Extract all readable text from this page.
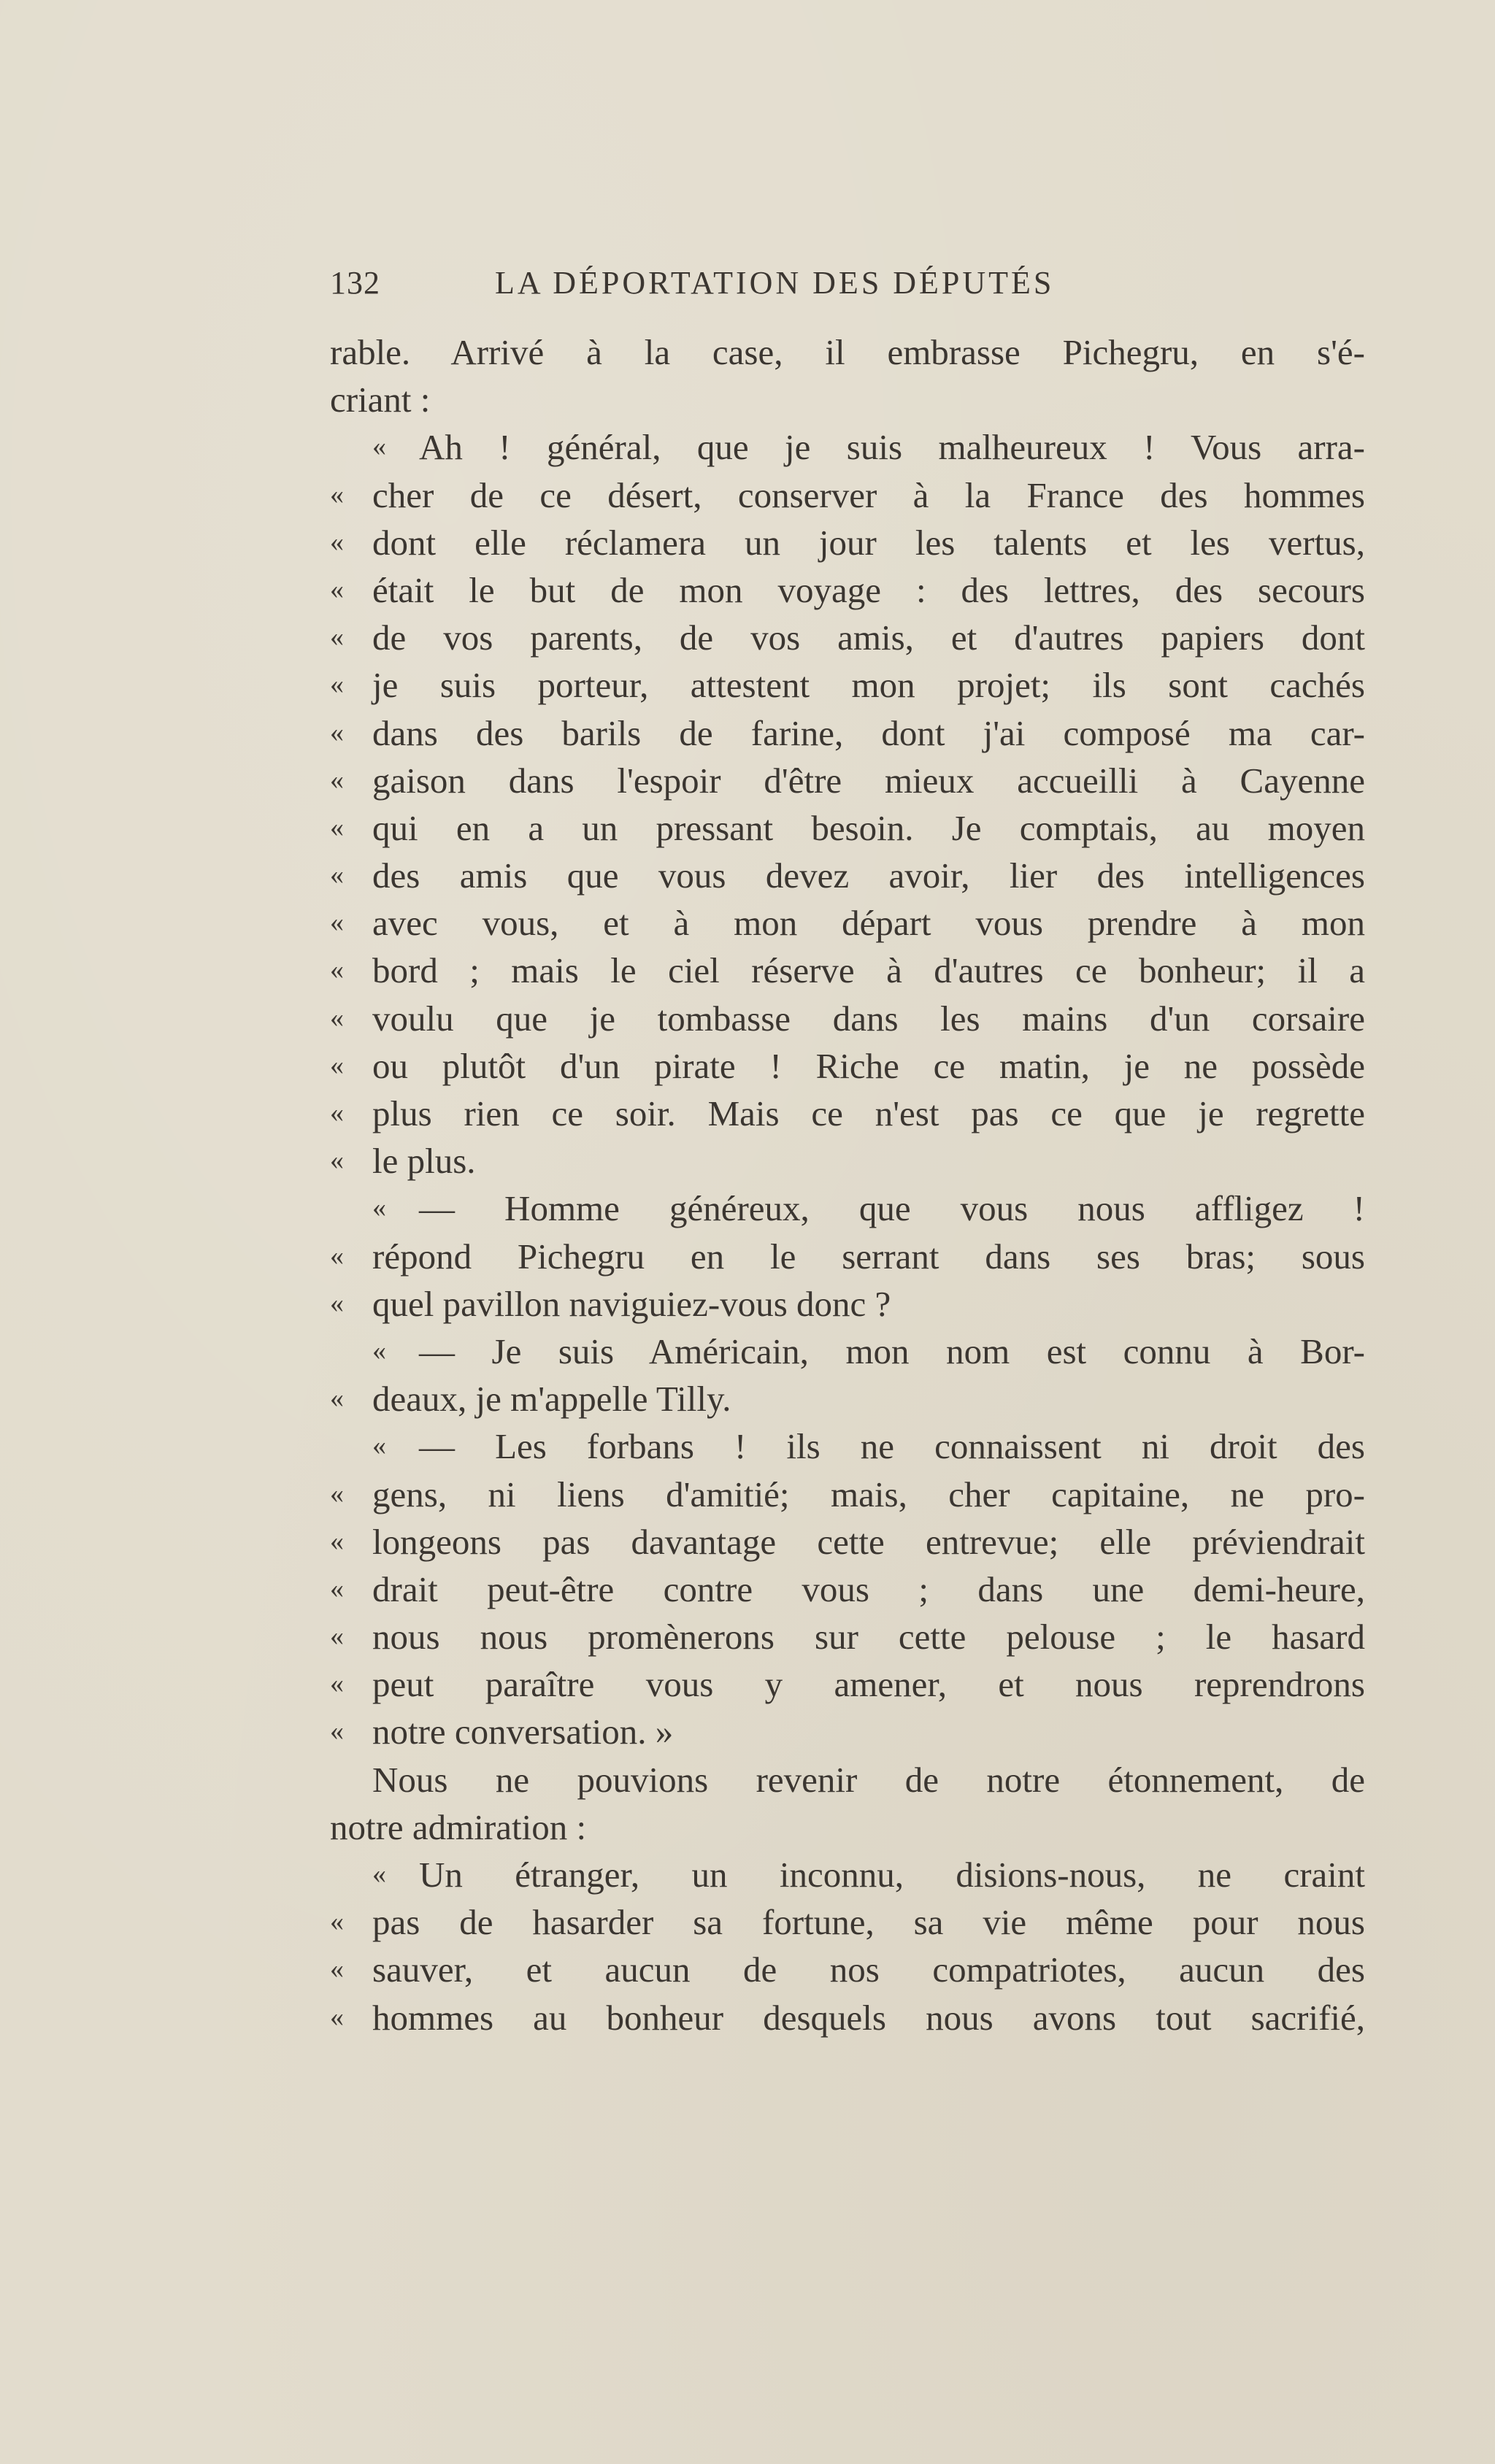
132	LA DÉPORTATION DES DÉPUTÉS
rable. Arrivé à la case, il embrasse Pichegru, en s'é-
criant :
« Ah ! général, que je suis malheureux ! Vous arra-
« cher de ce désert, conserver à la France des hommes
« dont elle réclamera un jour les talents et les vertus,
« était le but de mon voyage : des lettres, des secours
« de vos parents, de vos amis, et d'autres papiers dont
« je suis porteur, attestent mon projet; ils sont cachés
« dans des barils de farine, dont j'ai composé ma car-
« gaison dans l'espoir d'être mieux accueilli à Cayenne
« qui en a un pressant besoin. Je comptais, au moyen
« des amis que vous devez avoir, lier des intelligences
« avec vous, et à mon départ vous prendre à mon
« bord ; mais le ciel réserve à d'autres ce bonheur; il a
« voulu que je tombasse dans les mains d'un corsaire
« ou plutôt d'un pirate ! Riche ce matin, je ne possède
« plus rien ce soir. Mais ce n'est pas ce que je regrette
« le plus.
« — Homme généreux, que vous nous affligez !
« répond Pichegru en le serrant dans ses bras; sous
« quel pavillon naviguiez-vous donc ?
« — Je suis Américain, mon nom est connu à Bor-
« deaux, je m'appelle Tilly.
« — Les forbans ! ils ne connaissent ni droit des
« gens, ni liens d'amitié; mais, cher capitaine, ne pro-
« longeons pas davantage cette entrevue; elle préviendrait
« drait peut-être contre vous ; dans une demi-heure,
« nous nous promènerons sur cette pelouse ; le hasard
« peut paraître vous y amener, et nous reprendrons
« notre conversation. »
Nous ne pouvions revenir de notre étonnement, de
notre admiration :
« Un étranger, un inconnu, disions-nous, ne craint
« pas de hasarder sa fortune, sa vie même pour nous
« sauver, et aucun de nos compatriotes, aucun des
« hommes au bonheur desquels nous avons tout sacrifié,
